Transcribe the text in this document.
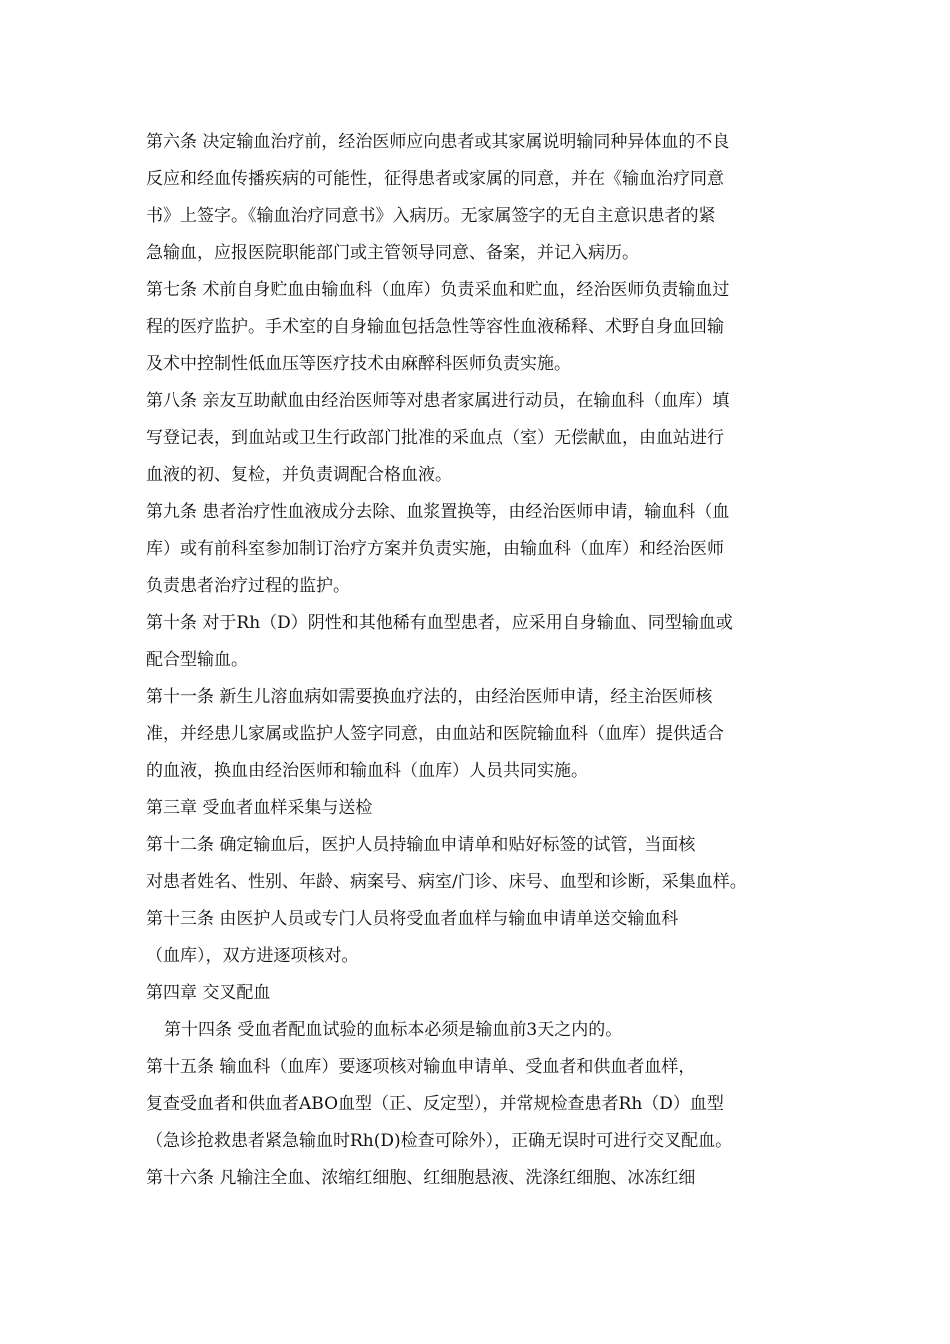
第六条 决定输血治疗前，经治医师应向患者或其家属说明输同种异体血的不良
反应和经血传播疾病的可能性，征得患者或家属的同意，并在《输血治疗同意
书》上签字。《输血治疗同意书》入病历。无家属签字的无自主意识患者的紧
急输血，应报医院职能部门或主管领导同意、备案，并记入病历。
第七条 术前自身贮血由输血科（血库）负责采血和贮血，经治医师负责输血过
程的医疗监护。手术室的自身输血包括急性等容性血液稀释、术野自身血回输
及术中控制性低血压等医疗技术由麻醉科医师负责实施。
第八条 亲友互助献血由经治医师等对患者家属进行动员，在输血科（血库）填
写登记表，到血站或卫生行政部门批准的采血点（室）无偿献血，由血站进行
血液的初、复检，并负责调配合格血液。
第九条 患者治疗性血液成分去除、血浆置换等，由经治医师申请，输血科（血
库）或有前科室参加制订治疗方案并负责实施，由输血科（血库）和经治医师
负责患者治疗过程的监护。
第十条 对于Rh（D）阴性和其他稀有血型患者，应采用自身输血、同型输血或
配合型输血。
第十一条 新生儿溶血病如需要换血疗法的，由经治医师申请，经主治医师核
准，并经患儿家属或监护人签字同意，由血站和医院输血科（血库）提供适合
的血液，换血由经治医师和输血科（血库）人员共同实施。
第三章 受血者血样采集与送检
第十二条 确定输血后，医护人员持输血申请单和贴好标签的试管，当面核
对患者姓名、性别、年龄、病案号、病室/门诊、床号、血型和诊断，采集血样。
第十三条 由医护人员或专门人员将受血者血样与输血申请单送交输血科
（血库），双方进逐项核对。
第四章 交叉配血
第十四条 受血者配血试验的血标本必须是输血前3天之内的。
第十五条 输血科（血库）要逐项核对输血申请单、受血者和供血者血样，
复查受血者和供血者ABO血型（正、反定型），并常规检查患者Rh（D）血型
（急诊抢救患者紧急输血时Rh(D)检查可除外），正确无误时可进行交叉配血。
第十六条 凡输注全血、浓缩红细胞、红细胞悬液、洗涤红细胞、冰冻红细
